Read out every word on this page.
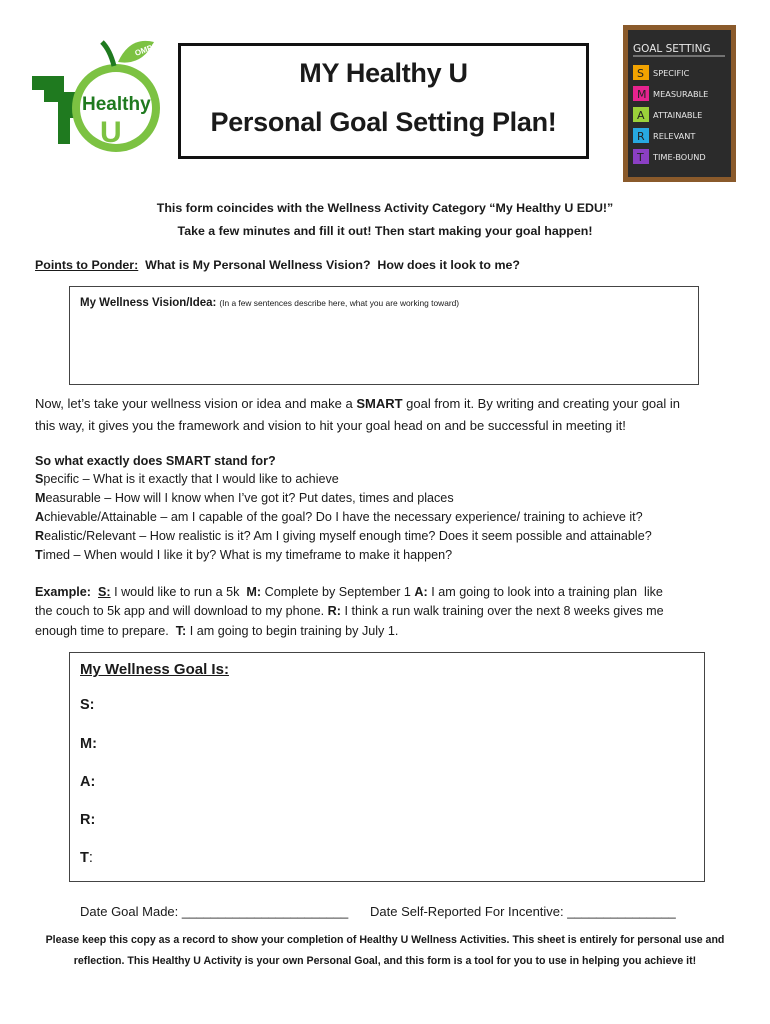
OMPS
Healthy
U
MY Healthy U
Personal Goal Setting Plan!
GOAL SETTING
S SPECIFIC
M MEASURABLE
A ATTAINABLE
R RELEVANT
T TIME-BOUND
This form coincides with the Wellness Activity Category “My Healthy U EDU!”
Take a few minutes and fill it out! Then start making your goal happen!
Points to Ponder:  What is My Personal Wellness Vision?  How does it look to me?
My Wellness Vision/Idea: (In a few sentences describe here, what you are working toward)
Now, let’s take your wellness vision or idea and make a SMART goal from it. By writing and creating your goal in
this way, it gives you the framework and vision to hit your goal head on and be successful in meeting it!
So what exactly does SMART stand for?
Specific – What is it exactly that I would like to achieve
Measurable – How will I know when I’ve got it? Put dates, times and places
Achievable/Attainable – am I capable of the goal? Do I have the necessary experience/ training to achieve it?
Realistic/Relevant – How realistic is it? Am I giving myself enough time? Does it seem possible and attainable?
Timed – When would I like it by? What is my timeframe to make it happen?
Example: S: I would like to run a 5k  M: Complete by September 1 A: I am going to look into a training plan  like
the couch to 5k app and will download to my phone. R: I think a run walk training over the next 8 weeks gives me
enough time to prepare.  T: I am going to begin training by July 1.
My Wellness Goal Is:
S:
M:
A:
R:
T:
Date Goal Made: _______________________ Date Self-Reported For Incentive: _______________
Please keep this copy as a record to show your completion of Healthy U Wellness Activities. This sheet is entirely for personal use and
reflection. This Healthy U Activity is your own Personal Goal, and this form is a tool for you to use in helping you achieve it!
